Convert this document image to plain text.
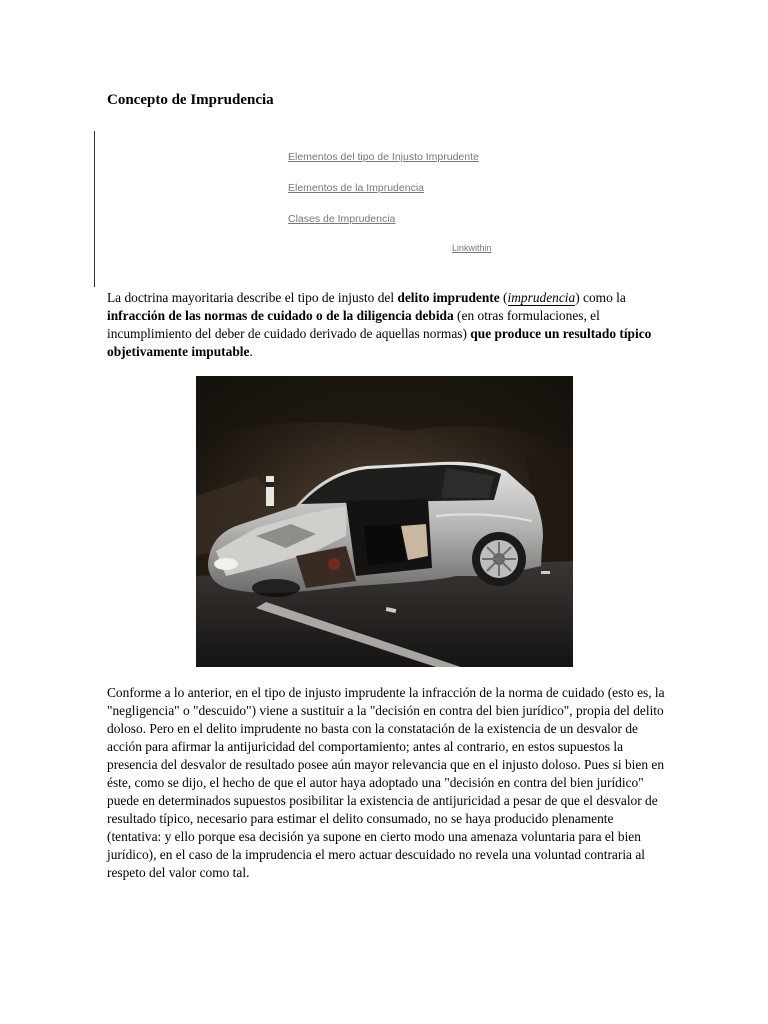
Concepto de Imprudencia
Elementos del tipo de Injusto Imprudente
Elementos de la Imprudencia
Clases de Imprudencia
Linkwithin

La doctrina mayoritaria describe el tipo de injusto del delito imprudente (imprudencia) como la infracción de las normas de cuidado o de la diligencia debida (en otras formulaciones, el incumplimiento del deber de cuidado derivado de aquellas normas) que produce un resultado típico objetivamente imputable.

Conforme a lo anterior, en el tipo de injusto imprudente la infracción de la norma de cuidado (esto es, la "negligencia" o "descuido") viene a sustituir a la "decisión en contra del bien jurídico", propia del delito doloso. Pero en el delito imprudente no basta con la constatación de la existencia de un desvalor de acción para afirmar la antijuricidad del comportamiento; antes al contrario, en estos supuestos la presencia del desvalor de resultado posee aún mayor relevancia que en el injusto doloso. Pues si bien en éste, como se dijo, el hecho de que el autor haya adoptado una "decisión en contra del bien jurídico" puede en determinados supuestos posibilitar la existencia de antijuricidad a pesar de que el desvalor de resultado típico, necesario para estimar el delito consumado, no se haya producido plenamente (tentativa: y ello porque esa decisión ya supone en cierto modo una amenaza voluntaria para el bien jurídico), en el caso de la imprudencia el mero actuar descuidado no revela una voluntad contraria al respeto del valor como tal.
